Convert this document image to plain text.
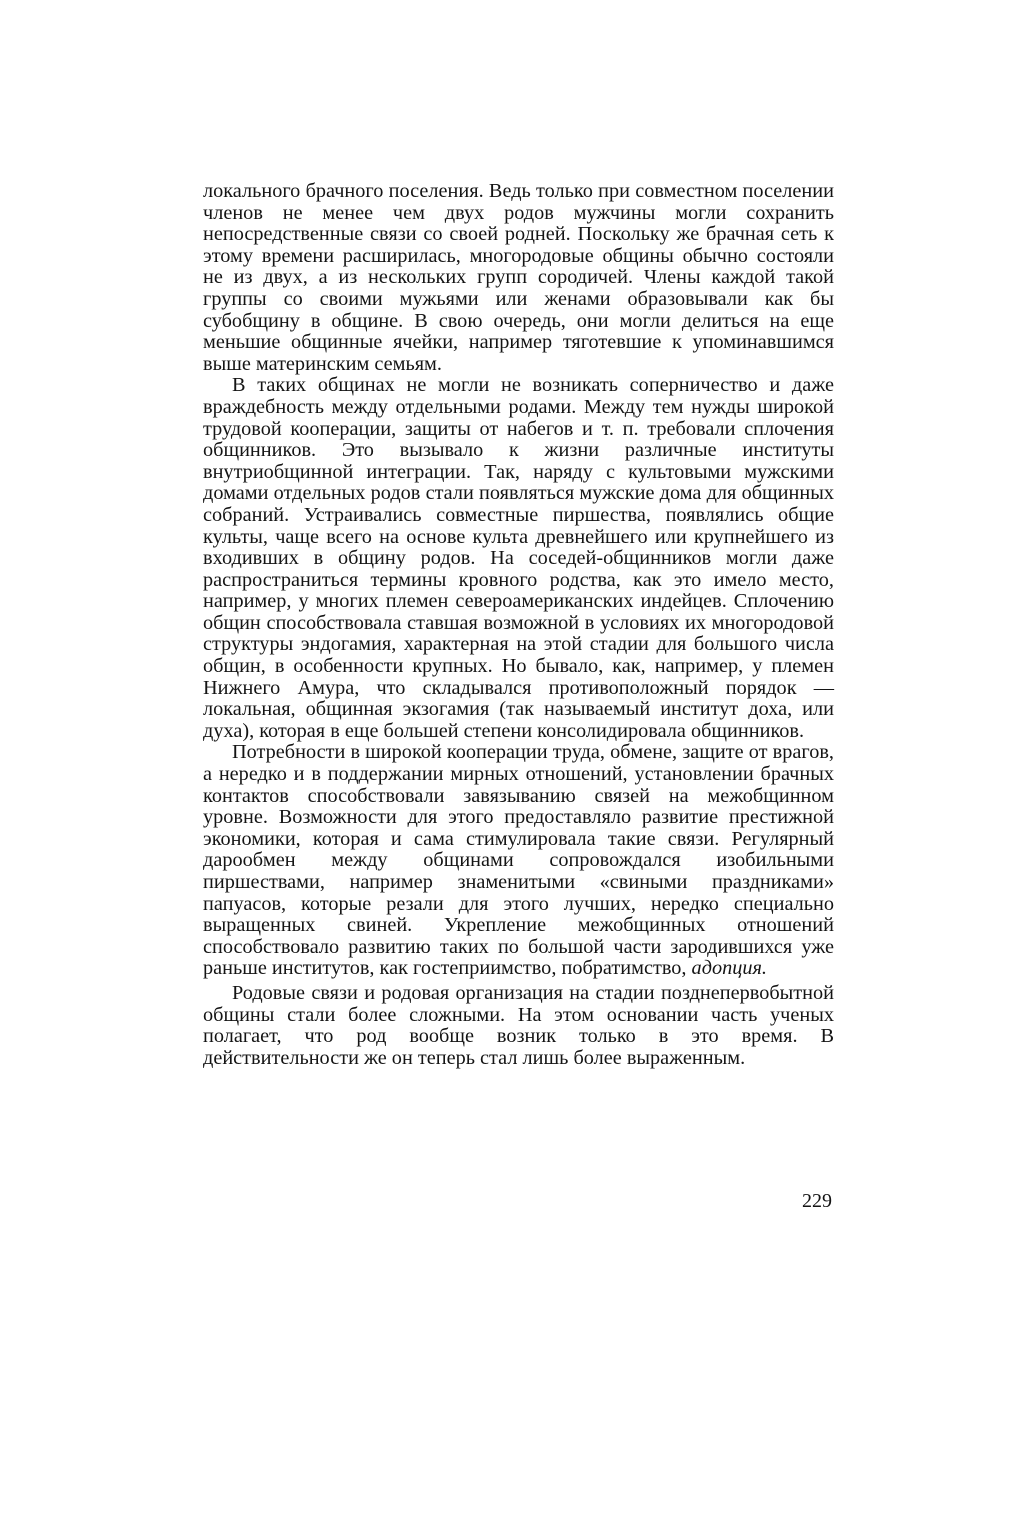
локального брачного поселения. Ведь только при совместном поселении членов не менее чем двух родов мужчины могли сохранить непосредственные связи со своей родней. Поскольку же брачная сеть к этому времени расширилась, многородовые общины обычно состояли не из двух, а из нескольких групп сородичей. Члены каждой такой группы со своими мужьями или женами образовывали как бы субобщину в общине. В свою очередь, они могли делиться на еще меньшие общинные ячейки, например тяготевшие к упоминавшимся выше материнским семьям.

В таких общинах не могли не возникать соперничество и даже враждебность между отдельными родами. Между тем нужды широкой трудовой кооперации, защиты от набегов и т. п. требовали сплочения общинников. Это вызывало к жизни различные институты внутриобщинной интеграции. Так, наряду с культовыми мужскими домами отдельных родов стали появляться мужские дома для общинных собраний. Устраивались совместные пиршества, появлялись общие культы, чаще всего на основе культа древнейшего или крупнейшего из входивших в общину родов. На соседей-общинников могли даже распространиться термины кровного родства, как это имело место, например, у многих племен североамериканских индейцев. Сплочению общин способствовала ставшая возможной в условиях их многородовой структуры эндогамия, характерная на этой стадии для большого числа общин, в особенности крупных. Но бывало, как, например, у племен Нижнего Амура, что складывался противоположный порядок — локальная, общинная экзогамия (так называемый институт доха, или духа), которая в еще большей степени консолидировала общинников.

Потребности в широкой кооперации труда, обмене, защите от врагов, а нередко и в поддержании мирных отношений, установлении брачных контактов способствовали завязыванию связей на межобщинном уровне. Возможности для этого предоставляло развитие престижной экономики, которая и сама стимулировала такие связи. Регулярный дарообмен между общинами сопровождался изобильными пиршествами, например знаменитыми «свиными праздниками» папуасов, которые резали для этого лучших, нередко специально выращенных свиней. Укрепление межобщинных отношений способствовало развитию таких по большой части зародившихся уже раньше институтов, как гостеприимство, побратимство, адопция.

Родовые связи и родовая организация на стадии позднепервобытной общины стали более сложными. На этом основании часть ученых полагает, что род вообще возник только в это время. В действительности же он теперь стал лишь более выраженным.

229
